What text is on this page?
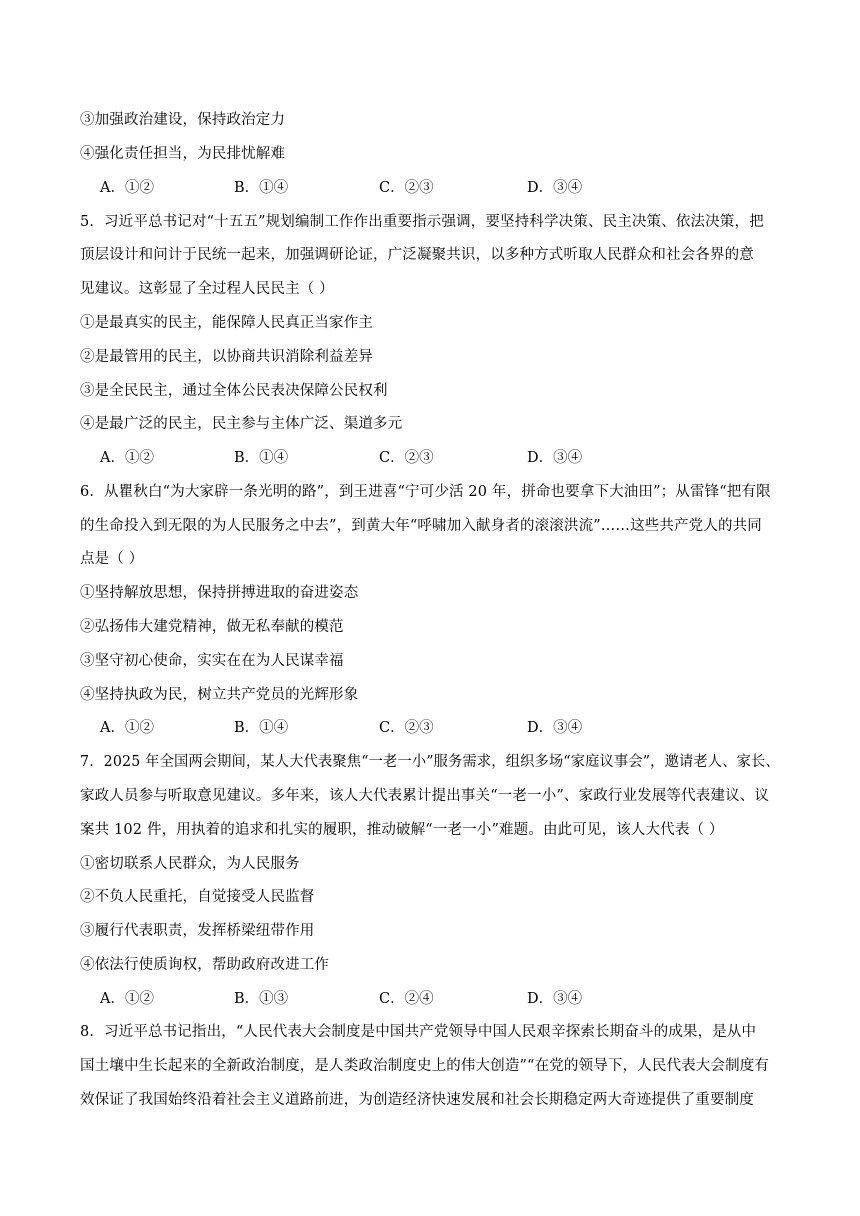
③加强政治建设，保持政治定力
④强化责任担当，为民排忧解难
A．①②	B．①④	C．②③	D．③④
5．习近平总书记对“十五五”规划编制工作作出重要指示强调，要坚持科学决策、民主决策、依法决策，把
顶层设计和问计于民统一起来，加强调研论证，广泛凝聚共识，以多种方式听取人民群众和社会各界的意
见建议。这彰显了全过程人民民主（ ）
①是最真实的民主，能保障人民真正当家作主
②是最管用的民主，以协商共识消除利益差异
③是全民民主，通过全体公民表决保障公民权利
④是最广泛的民主，民主参与主体广泛、渠道多元
A．①②	B．①④	C．②③	D．③④
6．从瞿秋白“为大家辟一条光明的路”，到王进喜“宁可少活 20 年，拼命也要拿下大油田”；从雷锋“把有限
的生命投入到无限的为人民服务之中去”，到黄大年“呼啸加入献身者的滚滚洪流”……这些共产党人的共同
点是（ ）
①坚持解放思想，保持拼搏进取的奋进姿态
②弘扬伟大建党精神，做无私奉献的模范
③坚守初心使命，实实在在为人民谋幸福
④坚持执政为民，树立共产党员的光辉形象
A．①②	B．①④	C．②③	D．③④
7．2025 年全国两会期间，某人大代表聚焦“一老一小”服务需求，组织多场“家庭议事会”，邀请老人、家长、
家政人员参与听取意见建议。多年来，该人大代表累计提出事关“一老一小”、家政行业发展等代表建议、议
案共 102 件，用执着的追求和扎实的履职，推动破解“一老一小”难题。由此可见，该人大代表（ ）
①密切联系人民群众，为人民服务
②不负人民重托，自觉接受人民监督
③履行代表职责，发挥桥梁纽带作用
④依法行使质询权，帮助政府改进工作
A．①②	B．①③	C．②④	D．③④
8．习近平总书记指出，“人民代表大会制度是中国共产党领导中国人民艰辛探索长期奋斗的成果，是从中
国土壤中生长起来的全新政治制度，是人类政治制度史上的伟大创造”“在党的领导下，人民代表大会制度有
效保证了我国始终沿着社会主义道路前进，为创造经济快速发展和社会长期稳定两大奇迹提供了重要制度
